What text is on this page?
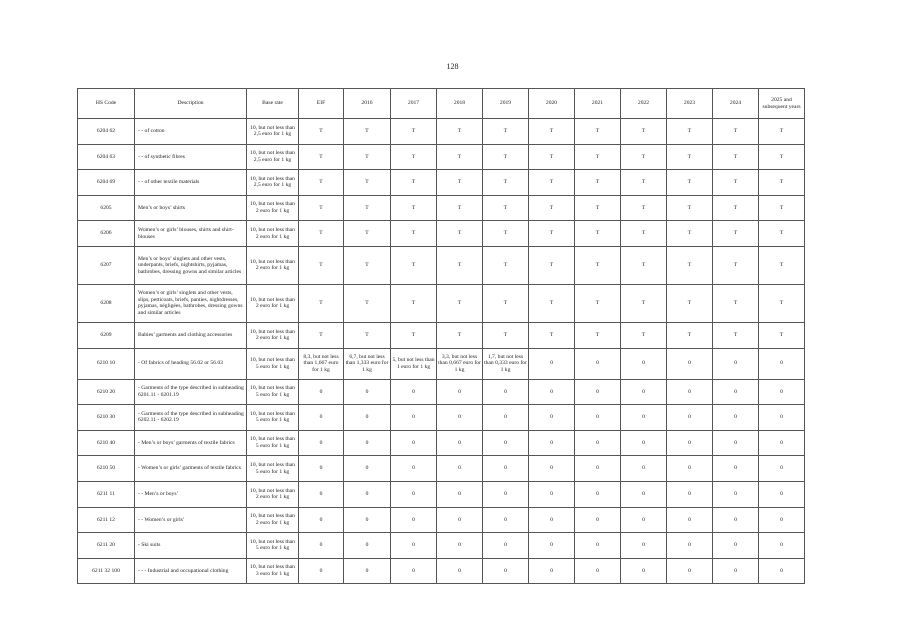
128
HS Code	Description	Base rate	EIF	2016	2017	2018	2019	2020	2021	2022	2023	2024	2025 and subsequent years
6204 62	- - of cotton	10, but not less than 2,5 euro for 1 kg	T	T	T	T	T	T	T	T	T	T	T
6204 63	- - of synthetic fibres	10, but not less than 2,5 euro for 1 kg	T	T	T	T	T	T	T	T	T	T	T
6204 69	- - of other textile materials	10, but not less than 2,5 euro for 1 kg	T	T	T	T	T	T	T	T	T	T	T
6205	Men’s or boys’ shirts	10, but not less than 2 euro for 1 kg	T	T	T	T	T	T	T	T	T	T	T
6206	Women’s or girls’ blouses, shirts and shirt-blouses	10, but not less than 2 euro for 1 kg	T	T	T	T	T	T	T	T	T	T	T
6207	Men’s or boys’ singlets and other vests, underpants, briefs, nightshirts, pyjamas, bathrobes, dressing gowns and similar articles	10, but not less than 2 euro for 1 kg	T	T	T	T	T	T	T	T	T	T	T
6208	Women’s or girls’ singlets and other vests, slips, petticoats, briefs, panties, nightdresses, pyjamas, négligées, bathrobes, dressing gowns and similar articles	10, but not less than 2 euro for 1 kg	T	T	T	T	T	T	T	T	T	T	T
6209	Babies’ garments and clothing accessories	10, but not less than 2 euro for 1 kg	T	T	T	T	T	T	T	T	T	T	T
6210 10	- Of fabrics of heading 56.02 or 56.03	10, but not less than 5 euro for 1 kg	8,3, but not less than 1,667 euro for 1 kg	6,7, but not less than 1,333 euro for 1 kg	5, but not less than 1 euro for 1 kg	3,3, but not less than 0,667 euro for 1 kg	1,7, but not less than 0,333 euro for 1 kg	0	0	0	0	0	0
6210 20	- Garments of the type described in subheading 6201.11 - 6201.19	10, but not less than 5 euro for 1 kg	0	0	0	0	0	0	0	0	0	0	0
6210 30	- Garments of the type described in subheading 6202.11 - 6202.19	10, but not less than 5 euro for 1 kg	0	0	0	0	0	0	0	0	0	0	0
6210 40	- Men’s or boys’ garments of textile fabrics	10, but not less than 5 euro for 1 kg	0	0	0	0	0	0	0	0	0	0	0
6210 50	- Women’s or girls’ garments of textile fabrics	10, but not less than 5 euro for 1 kg	0	0	0	0	0	0	0	0	0	0	0
6211 11	- - Men’s or boys’	10, but not less than 2 euro for 1 kg	0	0	0	0	0	0	0	0	0	0	0
6211 12	- - Women’s or girls’	10, but not less than 2 euro for 1 kg	0	0	0	0	0	0	0	0	0	0	0
6211 20	- Ski suits	10, but not less than 5 euro for 1 kg	0	0	0	0	0	0	0	0	0	0	0
6211 32 100	- - - Industrial and occupational clothing	10, but not less than 3 euro for 1 kg	0	0	0	0	0	0	0	0	0	0	0
